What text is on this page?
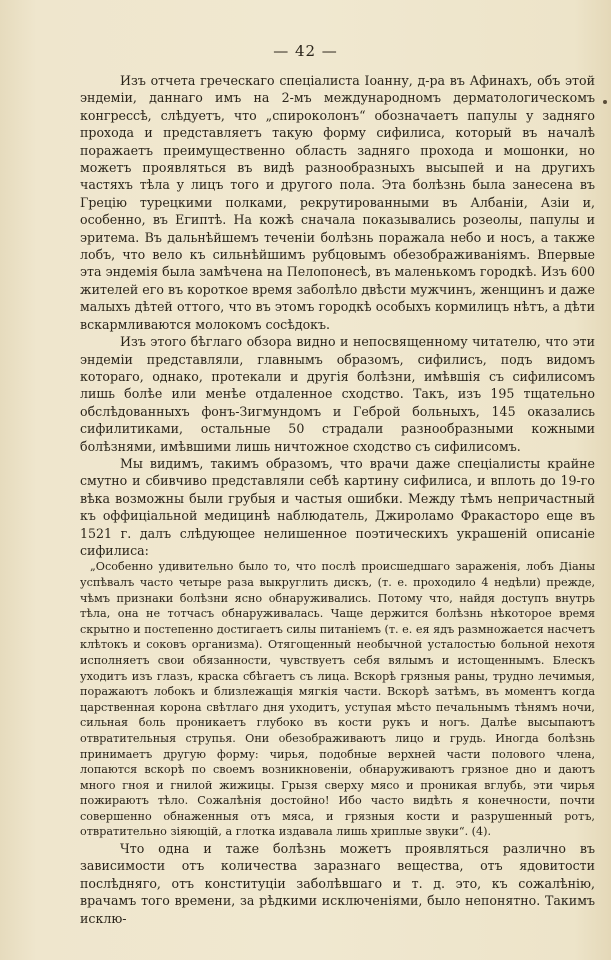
— 42 —

Изъ отчета греческаго спеціалиста Іоанну, д-ра въ Афинахъ, объ этой эндеміи, даннаго имъ на 2-мъ международномъ дерматологическомъ конгрессѣ, слѣдуетъ, что „спироколонъ“ обозначаетъ папулы у задняго прохода и представляетъ такую форму сифилиса, который въ началѣ поражаетъ преимущественно область задняго прохода и мошонки, но можетъ проявляться въ видѣ разнообразныхъ высыпей и на другихъ частяхъ тѣла у лицъ того и другого пола. Эта болѣзнь была занесена въ Грецію турецкими полками, рекрутированными въ Албаніи, Азіи и, особенно, въ Египтѣ. На кожѣ сначала показывались розеолы, папулы и эритема. Въ дальнѣйшемъ теченіи болѣзнь поражала небо и носъ, а также лобъ, что вело къ сильнѣйшимъ рубцовымъ обезображиваніямъ. Впервые эта эндемія была замѣчена на Пелопонесѣ, въ маленькомъ городкѣ. Изъ 600 жителей его въ короткое время заболѣло двѣсти мужчинъ, женщинъ и даже малыхъ дѣтей оттого, что въ этомъ городкѣ особыхъ кормилицъ нѣтъ, а дѣти вскармливаются молокомъ сосѣдокъ.

Изъ этого бѣглаго обзора видно и непосвященному читателю, что эти эндеміи представляли, главнымъ образомъ, сифилисъ, подъ видомъ котораго, однако, протекали и другія болѣзни, имѣвшія съ сифилисомъ лишь болѣе или менѣе отдаленное сходство. Такъ, изъ 195 тщательно обслѣдованныхъ фонъ-Зигмундомъ и Геброй больныхъ, 145 оказались сифилитиками, остальные 50 страдали разнообразными кожными болѣзнями, имѣвшими лишь ничтожное сходство съ сифилисомъ.

Мы видимъ, такимъ образомъ, что врачи даже спеціалисты крайне смутно и сбивчиво представляли себѣ картину сифилиса, и вплоть до 19-го вѣка возможны были грубыя и частыя ошибки. Между тѣмъ непричастный къ оффиціальной медицинѣ наблюдатель, Джироламо Фракасторо еще въ 1521 г. далъ слѣдующее нелишенное поэтическихъ украшеній описаніе сифилиса:

„Особенно удивительно было то, что послѣ происшедшаго зараженія, лобъ Діаны успѣвалъ часто четыре раза выкруглить дискъ, (т. е. проходило 4 недѣли) прежде, чѣмъ признаки болѣзни ясно обнаруживались. Потому что, найдя доступъ внутрь тѣла, она не тотчасъ обнаруживалась. Чаще держится болѣзнь нѣкоторое время скрытно и постепенно достигаетъ силы питаніемъ (т. е. ея ядъ размножается насчетъ клѣтокъ и соковъ организма). Отягощенный необычной усталостью больной нехотя исполняетъ свои обязанности, чувствуетъ себя вялымъ и истощеннымъ. Блескъ уходитъ изъ глазъ, краска сбѣгаетъ съ лица. Вскорѣ грязныя раны, трудно лечимыя, поражаютъ лобокъ и близлежащія мягкія части. Вскорѣ затѣмъ, въ моментъ когда царственная корона свѣтлаго дня уходитъ, уступая мѣсто печальнымъ тѣнямъ ночи, сильная боль проникаетъ глубоко въ кости рукъ и ногъ. Далѣе высыпаютъ отвратительныя струпья. Они обезображиваютъ лицо и грудь. Иногда болѣзнь принимаетъ другую форму: чирья, подобные верхней части полового члена, лопаются вскорѣ по своемъ возникновеніи, обнаруживаютъ грязное дно и даютъ много гноя и гнилой жижицы. Грызя сверху мясо и проникая вглубь, эти чирья пожираютъ тѣло. Сожалѣнія достойно! Ибо часто видѣть я конечности, почти совершенно обнаженныя отъ мяса, и грязныя кости и разрушенный ротъ, отвратительно зіяющій, а глотка издавала лишь хриплые звуки“. (4).

Что одна и таже болѣзнь можетъ проявляться различно въ зависимости отъ количества заразнаго вещества, отъ ядовитости послѣдняго, отъ конституціи заболѣвшаго и т. д. это, къ сожалѣнію, врачамъ того времени, за рѣдкими исключеніями, было непонятно. Такимъ исклю-
